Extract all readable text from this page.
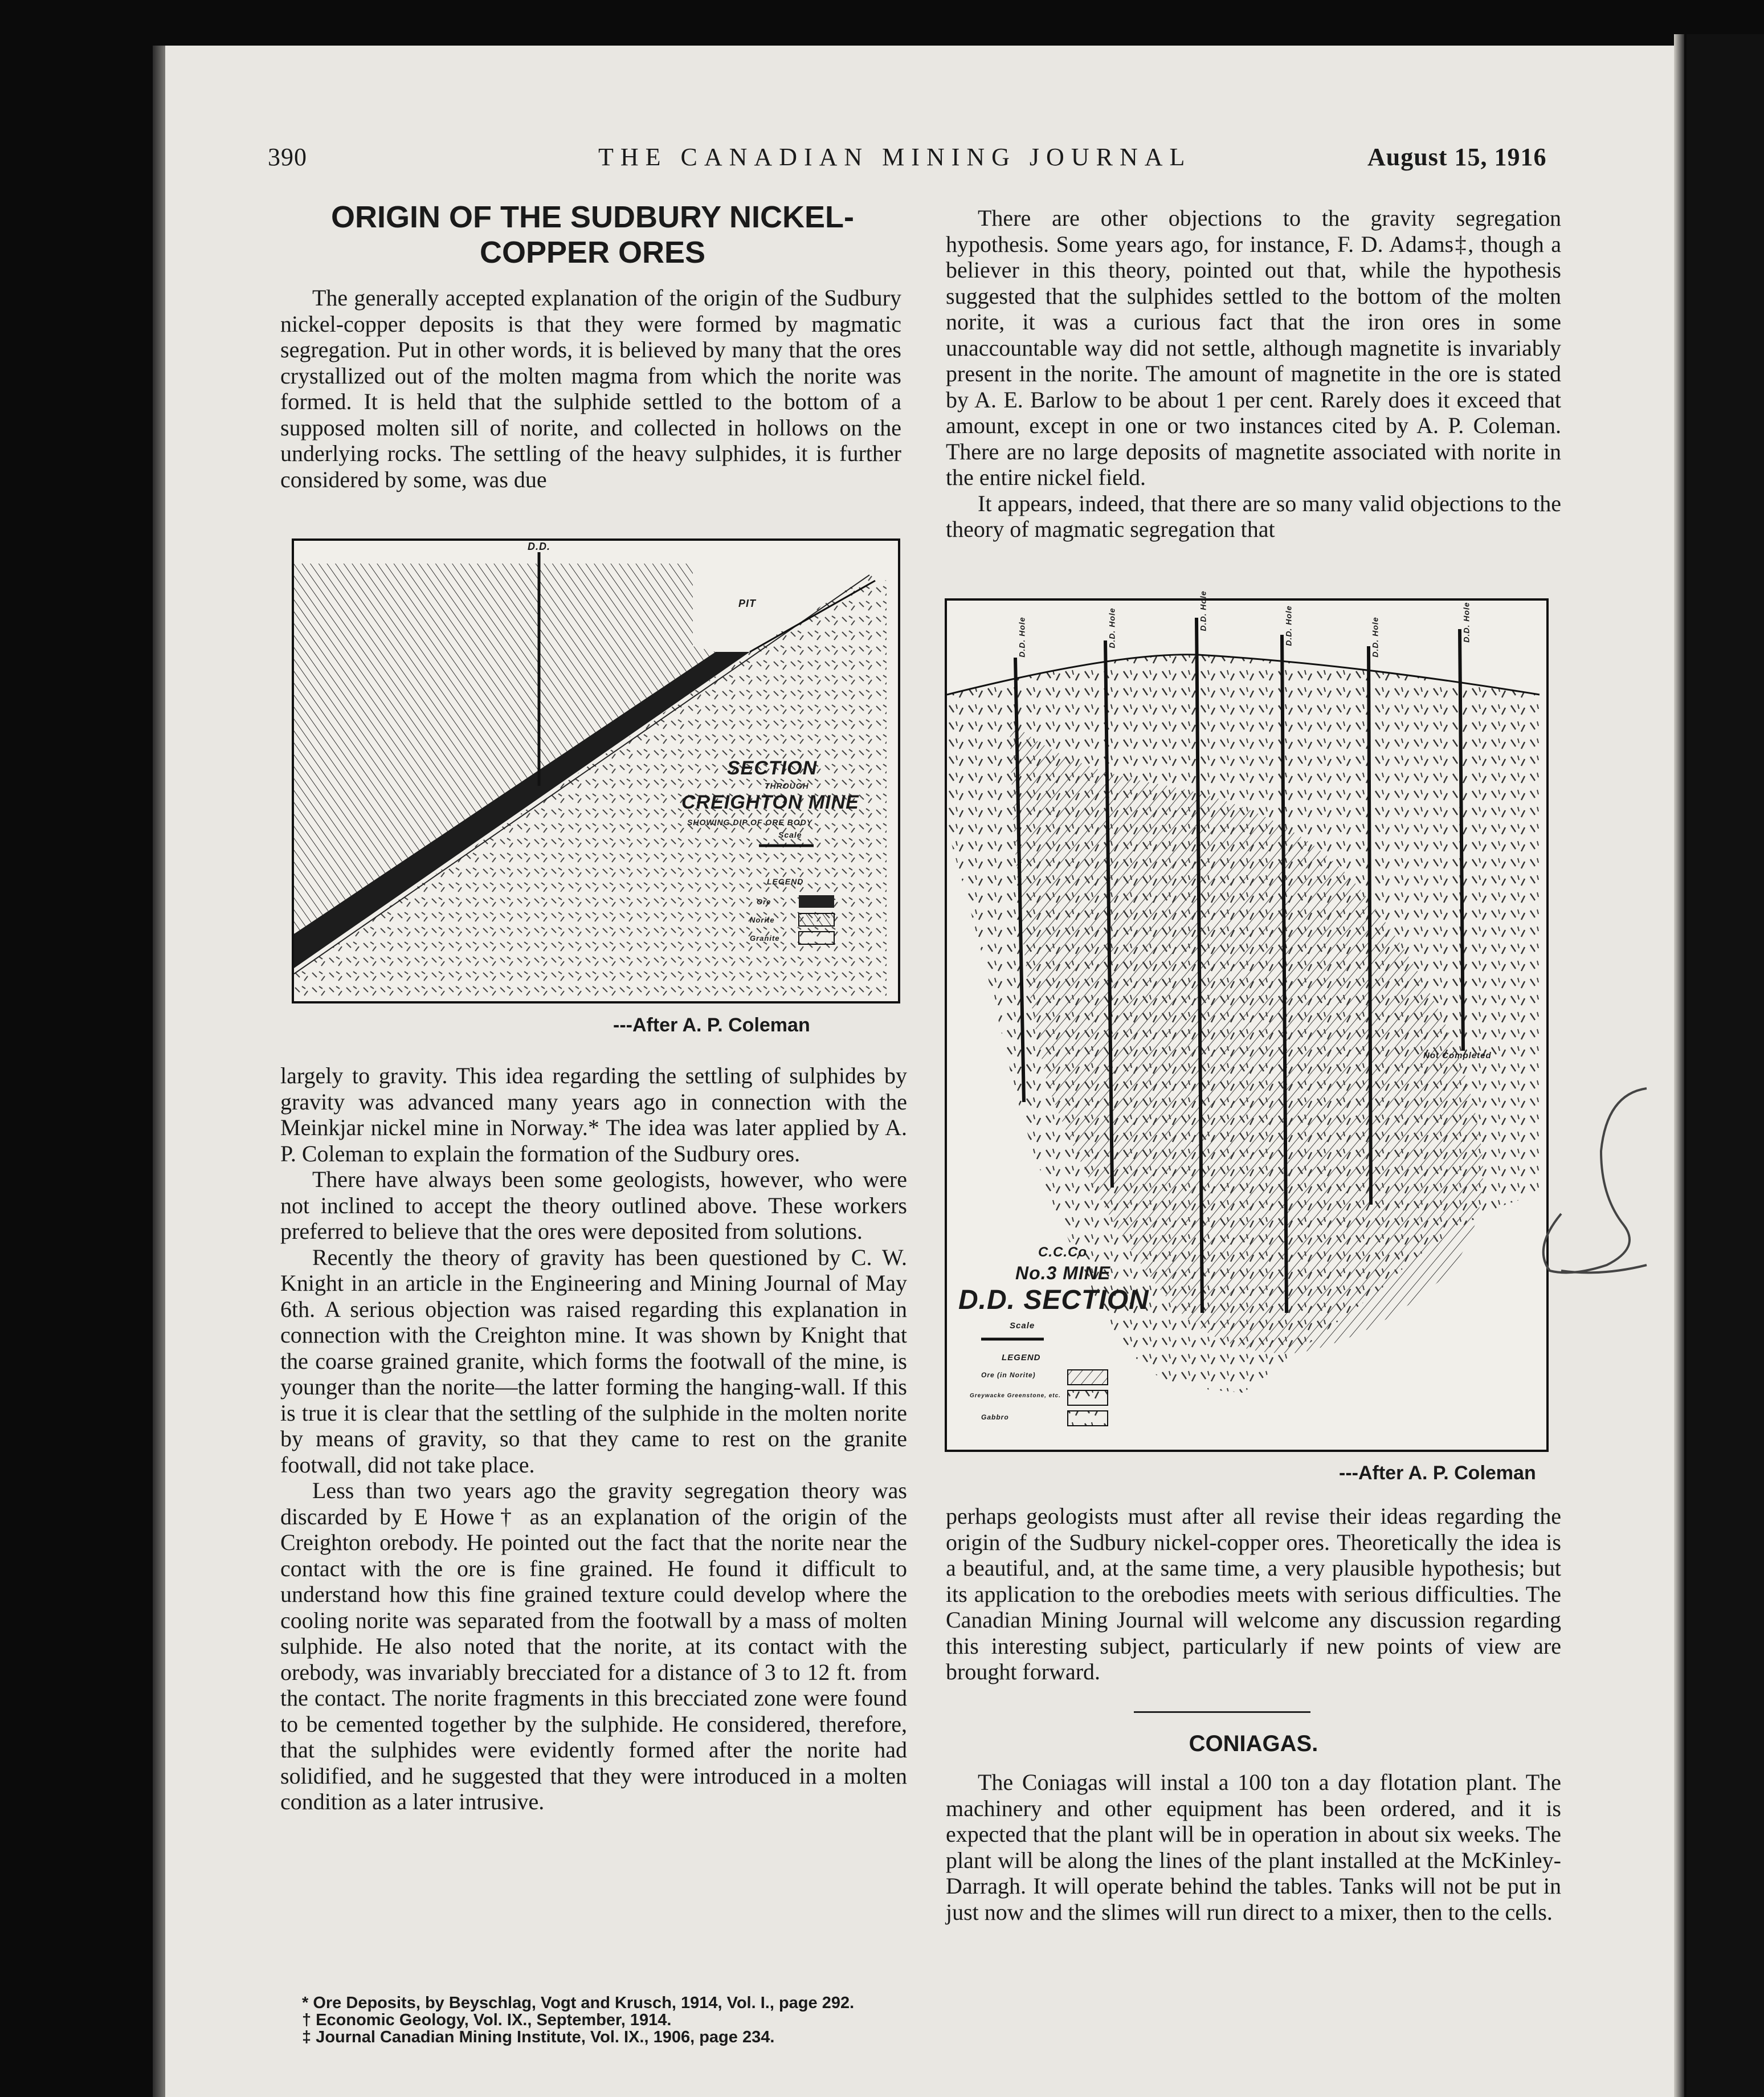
390	THE CANADIAN MINING JOURNAL	August 15, 1916
ORIGIN OF THE SUDBURY NICKEL-COPPER ORES

The generally accepted explanation of the origin of the Sudbury nickel-copper deposits is that they were formed by magmatic segregation. Put in other words, it is believed by many that the ores crystallized out of the molten magma from which the norite was formed. It is held that the sulphide settled to the bottom of a supposed molten sill of norite, and collected in hollows on the underlying rocks. The settling of the heavy sulphides, it is further considered by some, was due

D.D.
PIT
SECTION
THROUGH
CREIGHTON MINE
SHOWING DIP OF ORE BODY
Scale
LEGEND
Ore
Norite
Granite
---After A. P. Coleman

largely to gravity. This idea regarding the settling of sulphides by gravity was advanced many years ago in connection with the Meinkjar nickel mine in Norway.* The idea was later applied by A. P. Coleman to explain the formation of the Sudbury ores.

There have always been some geologists, however, who were not inclined to accept the theory outlined above. These workers preferred to believe that the ores were deposited from solutions.

Recently the theory of gravity has been questioned by C. W. Knight in an article in the Engineering and Mining Journal of May 6th. A serious objection was raised regarding this explanation in connection with the Creighton mine. It was shown by Knight that the coarse grained granite, which forms the footwall of the mine, is younger than the norite—the latter forming the hanging-wall. If this is true it is clear that the settling of the sulphide in the molten norite by means of gravity, so that they came to rest on the granite footwall, did not take place.

Less than two years ago the gravity segregation theory was discarded by E Howe† as an explanation of the origin of the Creighton orebody. He pointed out the fact that the norite near the contact with the ore is fine grained. He found it difficult to understand how this fine grained texture could develop where the cooling norite was separated from the footwall by a mass of molten sulphide. He also noted that the norite, at its contact with the orebody, was invariably brecciated for a distance of 3 to 12 ft. from the contact. The norite fragments in this brecciated zone were found to be cemented together by the sulphide. He considered, therefore, that the sulphides were evidently formed after the norite had solidified, and he suggested that they were introduced in a molten condition as a later intrusive.

There are other objections to the gravity segregation hypothesis. Some years ago, for instance, F. D. Adams‡, though a believer in this theory, pointed out that, while the hypothesis suggested that the sulphides settled to the bottom of the molten norite, it was a curious fact that the iron ores in some unaccountable way did not settle, although magnetite is invariably present in the norite. The amount of magnetite in the ore is stated by A. E. Barlow to be about 1 per cent. Rarely does it exceed that amount, except in one or two instances cited by A. P. Coleman. There are no large deposits of magnetite associated with norite in the entire nickel field.

It appears, indeed, that there are so many valid objections to the theory of magmatic segregation that

D.D. Hole	D.D. Hole	D.D. Hole	D.D. Hole	D.D. Hole	D.D. Hole
Not Completed
C.C.Co
No.3 MINE
D.D. SECTION
Scale
LEGEND
Ore (in Norite)
Greywacke Greenstone, etc.
Gabbro
---After A. P. Coleman

perhaps geologists must after all revise their ideas regarding the origin of the Sudbury nickel-copper ores. Theoretically the idea is a beautiful, and, at the same time, a very plausible hypothesis; but its application to the orebodies meets with serious difficulties. The Canadian Mining Journal will welcome any discussion regarding this interesting subject, particularly if new points of view are brought forward.

CONIAGAS.

The Coniagas will instal a 100 ton a day flotation plant. The machinery and other equipment has been ordered, and it is expected that the plant will be in operation in about six weeks. The plant will be along the lines of the plant installed at the McKinley-Darragh. It will operate behind the tables. Tanks will not be put in just now and the slimes will run direct to a mixer, then to the cells.

* Ore Deposits, by Beyschlag, Vogt and Krusch, 1914, Vol. I., page 292.
† Economic Geology, Vol. IX., September, 1914.
‡ Journal Canadian Mining Institute, Vol. IX., 1906, page 234.
